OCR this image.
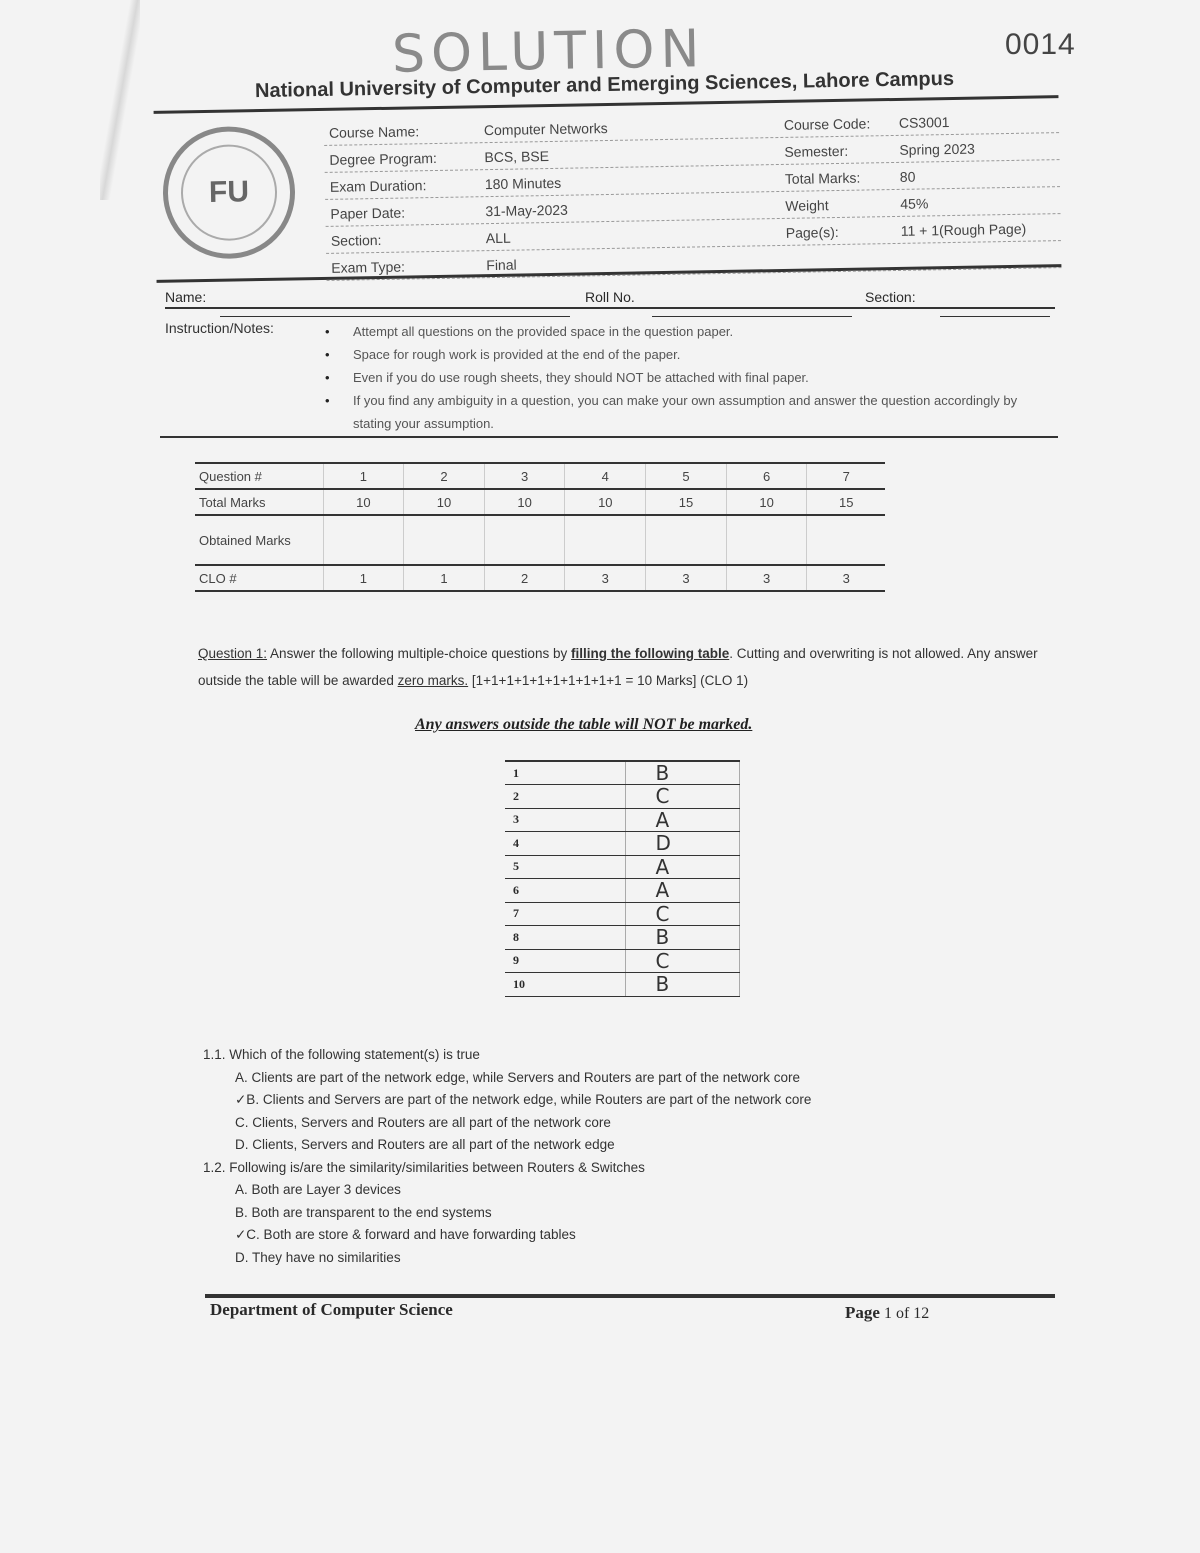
0014
SOLUTION
National University of Computer and Emerging Sciences, Lahore Campus
FU
Course Name:	Computer Networks	Course Code: CS3001
Degree Program:	BCS, BSE	Semester:	Spring 2023
Exam Duration:	180 Minutes	Total Marks:	80
Paper Date:	31-May-2023	Weight	45%
Section:	ALL	Page(s):	11 + 1(Rough Page)
Exam Type:	Final
Name:	Roll No.	Section:
Instruction/Notes:	• Attempt all questions on the provided space in the question paper.
• Space for rough work is provided at the end of the paper.
• Even if you do use rough sheets, they should NOT be attached with final paper.
• If you find any ambiguity in a question, you can make your own assumption and answer the question accordingly by stating your assumption.
Question #	1	2	3	4	5	6	7
Total Marks	10	10	10	10	15	10	15
Obtained Marks							
CLO #	1	1	2	3	3	3	3
Question 1: Answer the following multiple-choice questions by filling the following table. Cutting and overwriting is not allowed. Any answer outside the table will be awarded zero marks. [1+1+1+1+1+1+1+1+1+1 = 10 Marks] (CLO 1)
Any answers outside the table will NOT be marked.
1	B
2	C
3	A
4	D
5	A
6	A
7	C
8	B
9	C
10	B
1.1. Which of the following statement(s) is true
A. Clients are part of the network edge, while Servers and Routers are part of the network core
✓B. Clients and Servers are part of the network edge, while Routers are part of the network core
C. Clients, Servers and Routers are all part of the network core
D. Clients, Servers and Routers are all part of the network edge
1.2. Following is/are the similarity/similarities between Routers & Switches
A. Both are Layer 3 devices
B. Both are transparent to the end systems
✓C. Both are store & forward and have forwarding tables
D. They have no similarities
Department of Computer Science	Page 1 of 12
